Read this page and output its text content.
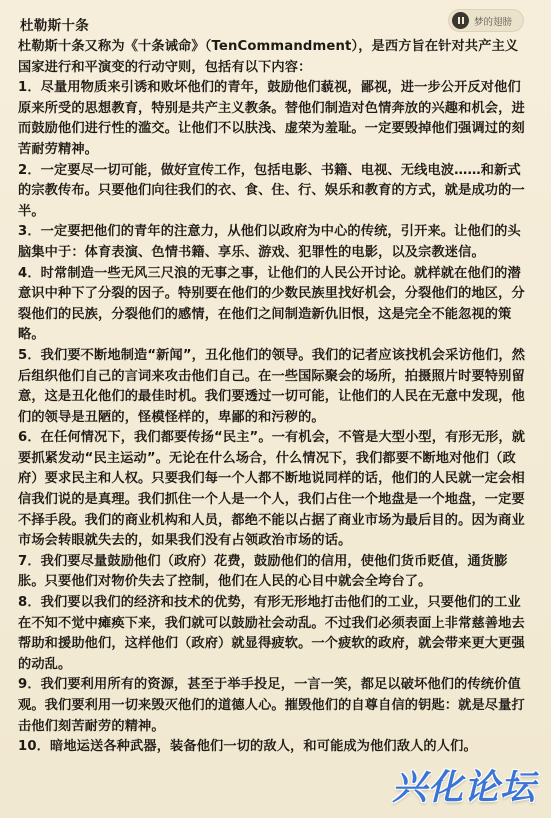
杜勒斯十条	梦的翅膀

杜勒斯十条又称为《十条诫命》（TenCommandment），是西方旨在针对共产主义国家进行和平演变的行动守则，包括有以下内容：

1．尽量用物质来引诱和败坏他们的青年，鼓励他们藐视，鄙视，进一步公开反对他们原来所受的思想教育，特别是共产主义教条。替他们制造对色情奔放的兴趣和机会，进而鼓励他们进行性的滥交。让他们不以肤浅、虚荣为羞耻。一定要毁掉他们强调过的刻苦耐劳精神。

2．一定要尽一切可能，做好宣传工作，包括电影、书籍、电视、无线电波……和新式的宗教传布。只要他们向往我们的衣、食、住、行、娱乐和教育的方式，就是成功的一半。

3．一定要把他们的青年的注意力，从他们以政府为中心的传统，引开来。让他们的头脑集中于：体育表演、色情书籍、享乐、游戏、犯罪性的电影，以及宗教迷信。

4．时常制造一些无风三尺浪的无事之事，让他们的人民公开讨论。就样就在他们的潜意识中种下了分裂的因子。特别要在他们的少数民族里找好机会，分裂他们的地区，分裂他们的民族，分裂他们的感情，在他们之间制造新仇旧恨，这是完全不能忽视的策略。

5．我们要不断地制造“新闻”，丑化他们的领导。我们的记者应该找机会采访他们，然后组织他们自己的言词来攻击他们自己。在一些国际聚会的场所，拍摄照片时要特别留意，这是丑化他们的最佳时机。我们要透过一切可能，让他们的人民在无意中发现，他们的领导是丑陋的，怪模怪样的，卑鄙的和污秽的。

6．在任何情况下，我们都要传扬“民主”。一有机会，不管是大型小型，有形无形，就要抓紧发动“民主运动”。无论在什么场合，什么情况下，我们都要不断地对他们（政府）要求民主和人权。只要我们每一个人都不断地说同样的话，他们的人民就一定会相信我们说的是真理。我们抓住一个人是一个人，我们占住一个地盘是一个地盘，一定要不择手段。我们的商业机构和人员，都绝不能以占据了商业市场为最后目的。因为商业市场会转眼就失去的，如果我们没有占领政治市场的话。

7．我们要尽量鼓励他们（政府）花费，鼓励他们的信用，使他们货币贬值，通货膨胀。只要他们对物价失去了控制，他们在人民的心目中就会全垮台了。

8．我们要以我们的经济和技术的优势，有形无形地打击他们的工业，只要他们的工业在不知不觉中瘫痪下来，我们就可以鼓励社会动乱。不过我们必须表面上非常慈善地去帮助和援助他们，这样他们（政府）就显得疲软。一个疲软的政府，就会带来更大更强的动乱。

9．我们要利用所有的资源，甚至于举手投足，一言一笑，都足以破坏他们的传统价值观。我们要利用一切来毁灭他们的道德人心。摧毁他们的自尊自信的钥匙：就是尽量打击他们刻苦耐劳的精神。

10．暗地运送各种武器，装备他们一切的敌人，和可能成为他们敌人的人们。

兴化论坛
